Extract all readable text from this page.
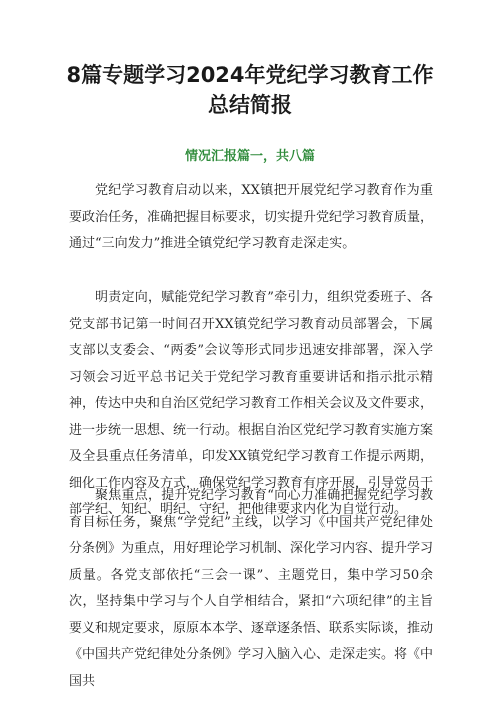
8篇专题学习2024年党纪学习教育工作总结简报
情况汇报篇一，共八篇

党纪学习教育启动以来，XX镇把开展党纪学习教育作为重要政治任务，准确把握目标要求，切实提升党纪学习教育质量，通过“三向发力”推进全镇党纪学习教育走深走实。

明责定向，赋能党纪学习教育”牵引力，组织党委班子、各党支部书记第一时间召开XX镇党纪学习教育动员部署会，下属支部以支委会、“两委”会议等形式同步迅速安排部署，深入学习领会习近平总书记关于党纪学习教育重要讲话和指示批示精神，传达中央和自治区党纪学习教育工作相关会议及文件要求，进一步统一思想、统一行动。根据自治区党纪学习教育实施方案及全县重点任务清单，印发XX镇党纪学习教育工作提示两期，细化工作内容及方式，确保党纪学习教育有序开展，引导党员干部学纪、知纪、明纪、守纪，把他律要求内化为自觉行动。

聚焦重点，提升党纪学习教育“向心力准确把握党纪学习教育目标任务，聚焦“学党纪”主线，以学习《中国共产党纪律处分条例》为重点，用好理论学习机制、深化学习内容、提升学习质量。各党支部依托“三会一课”、主题党日，集中学习50余次，坚持集中学习与个人自学相结合，紧扣“六项纪律”的主旨要义和规定要求，原原本本学、逐章逐条悟、联系实际谈，推动《中国共产党纪律处分条例》学习入脑入心、走深走实。将《中国共
